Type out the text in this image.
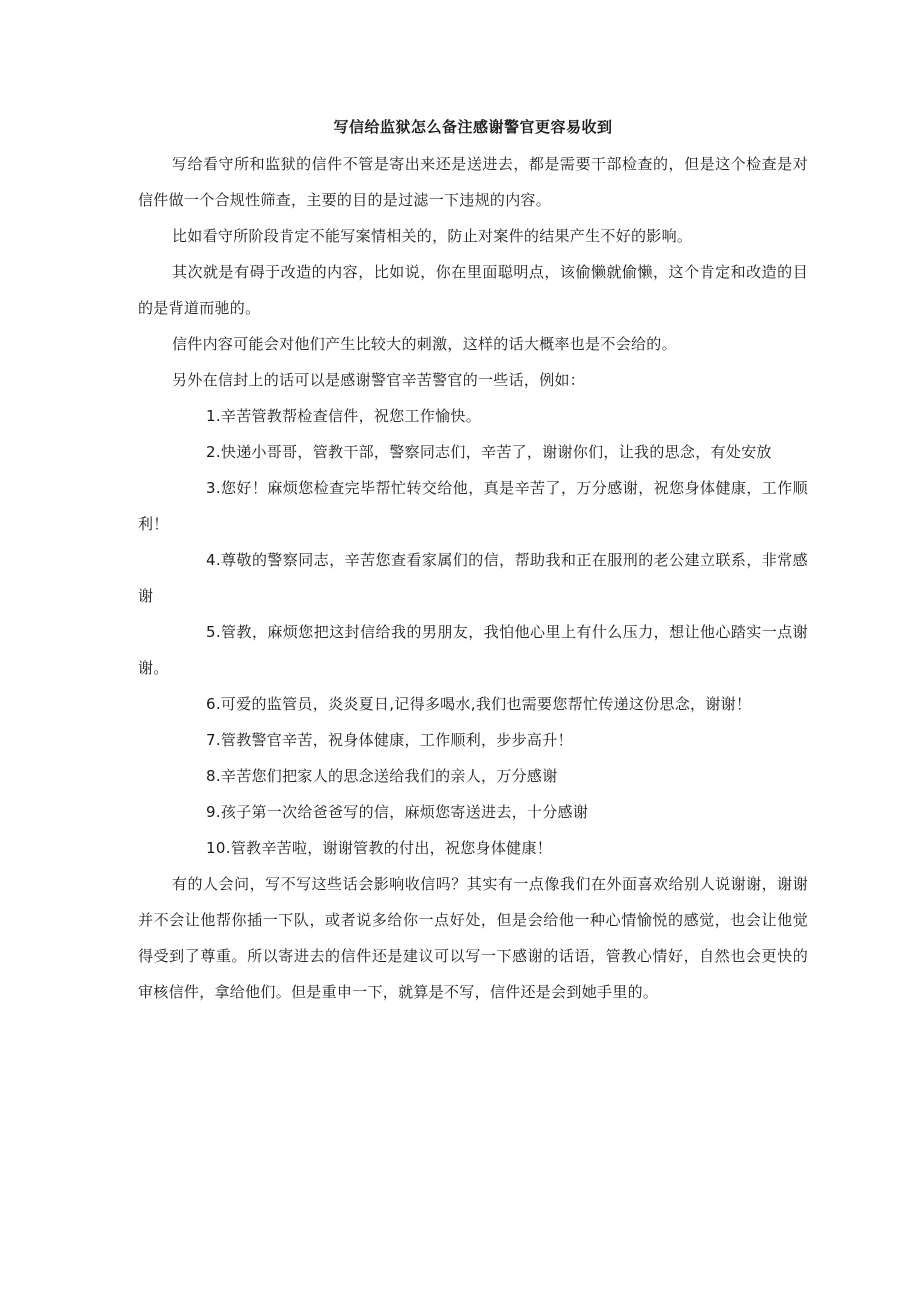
写信给监狱怎么备注感谢警官更容易收到

写给看守所和监狱的信件不管是寄出来还是送进去，都是需要干部检查的，但是这个检查是对信件做一个合规性筛查，主要的目的是过滤一下违规的内容。

比如看守所阶段肯定不能写案情相关的，防止对案件的结果产生不好的影响。

其次就是有碍于改造的内容，比如说，你在里面聪明点，该偷懒就偷懒，这个肯定和改造的目的是背道而驰的。

信件内容可能会对他们产生比较大的刺激，这样的话大概率也是不会给的。

另外在信封上的话可以是感谢警官辛苦警官的一些话，例如：

1.辛苦管教帮检查信件，祝您工作愉快。

2.快递小哥哥，管教干部，警察同志们，辛苦了，谢谢你们，让我的思念，有处安放

3.您好！麻烦您检查完毕帮忙转交给他，真是辛苦了，万分感谢，祝您身体健康，工作顺利！

4.尊敬的警察同志，辛苦您查看家属们的信，帮助我和正在服刑的老公建立联系，非常感谢

5.管教，麻烦您把这封信给我的男朋友，我怕他心里上有什么压力，想让他心踏实一点谢谢。

6.可爱的监管员，炎炎夏日,记得多喝水,我们也需要您帮忙传递这份思念，谢谢！

7.管教警官辛苦，祝身体健康，工作顺利，步步高升！

8.辛苦您们把家人的思念送给我们的亲人，万分感谢

9.孩子第一次给爸爸写的信，麻烦您寄送进去，十分感谢

10.管教辛苦啦，谢谢管教的付出，祝您身体健康！

有的人会问，写不写这些话会影响收信吗？其实有一点像我们在外面喜欢给别人说谢谢，谢谢并不会让他帮你插一下队，或者说多给你一点好处，但是会给他一种心情愉悦的感觉，也会让他觉得受到了尊重。所以寄进去的信件还是建议可以写一下感谢的话语，管教心情好，自然也会更快的审核信件，拿给他们。但是重申一下，就算是不写，信件还是会到她手里的。
